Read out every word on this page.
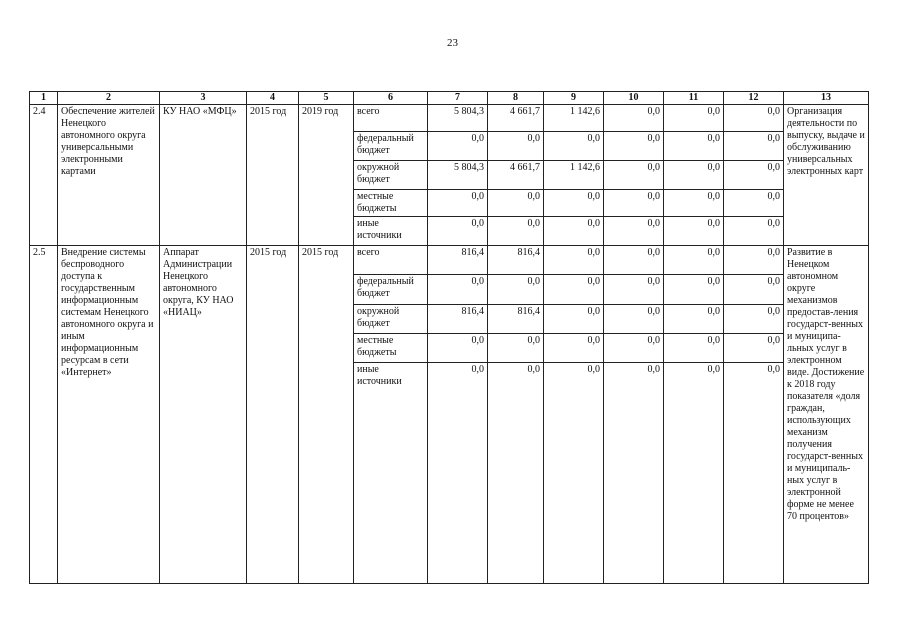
23
1	2	3	4	5	6	7	8	9	10	11	12	13
2.4	Обеспечение жителей Ненецкого автономного округа универсальными электронными картами	КУ НАО «МФЦ»	2015 год	2019 год	всего	5 804,3	4 661,7	1 142,6	0,0	0,0	0,0	Организация деятельности по выпуску, выдаче и обслуживанию универсальных электронных карт
					федеральный бюджет	0,0	0,0	0,0	0,0	0,0	0,0	
					окружной бюджет	5 804,3	4 661,7	1 142,6	0,0	0,0	0,0	
					местные бюджеты	0,0	0,0	0,0	0,0	0,0	0,0	
					иные источники	0,0	0,0	0,0	0,0	0,0	0,0	
2.5	Внедрение системы беспроводного доступа к государственным информационным системам Ненецкого автономного округа и иным информационным ресурсам в сети «Интернет»	Аппарат Администрации Ненецкого автономного округа, КУ НАО «НИАЦ»	2015 год	2015 год	всего	816,4	816,4	0,0	0,0	0,0	0,0	Развитие в Ненецком автономном округе механизмов предостав-ления государст-венных и муниципа-льных услуг в электронном виде. Достижение к 2018 году показателя «доля граждан, использующих механизм получения государст-венных и муниципаль-ных услуг в электронной форме не менее 70 процентов»
					федеральный бюджет	0,0	0,0	0,0	0,0	0,0	0,0	
					окружной бюджет	816,4	816,4	0,0	0,0	0,0	0,0	
					местные бюджеты	0,0	0,0	0,0	0,0	0,0	0,0	
					иные источники	0,0	0,0	0,0	0,0	0,0	0,0	
